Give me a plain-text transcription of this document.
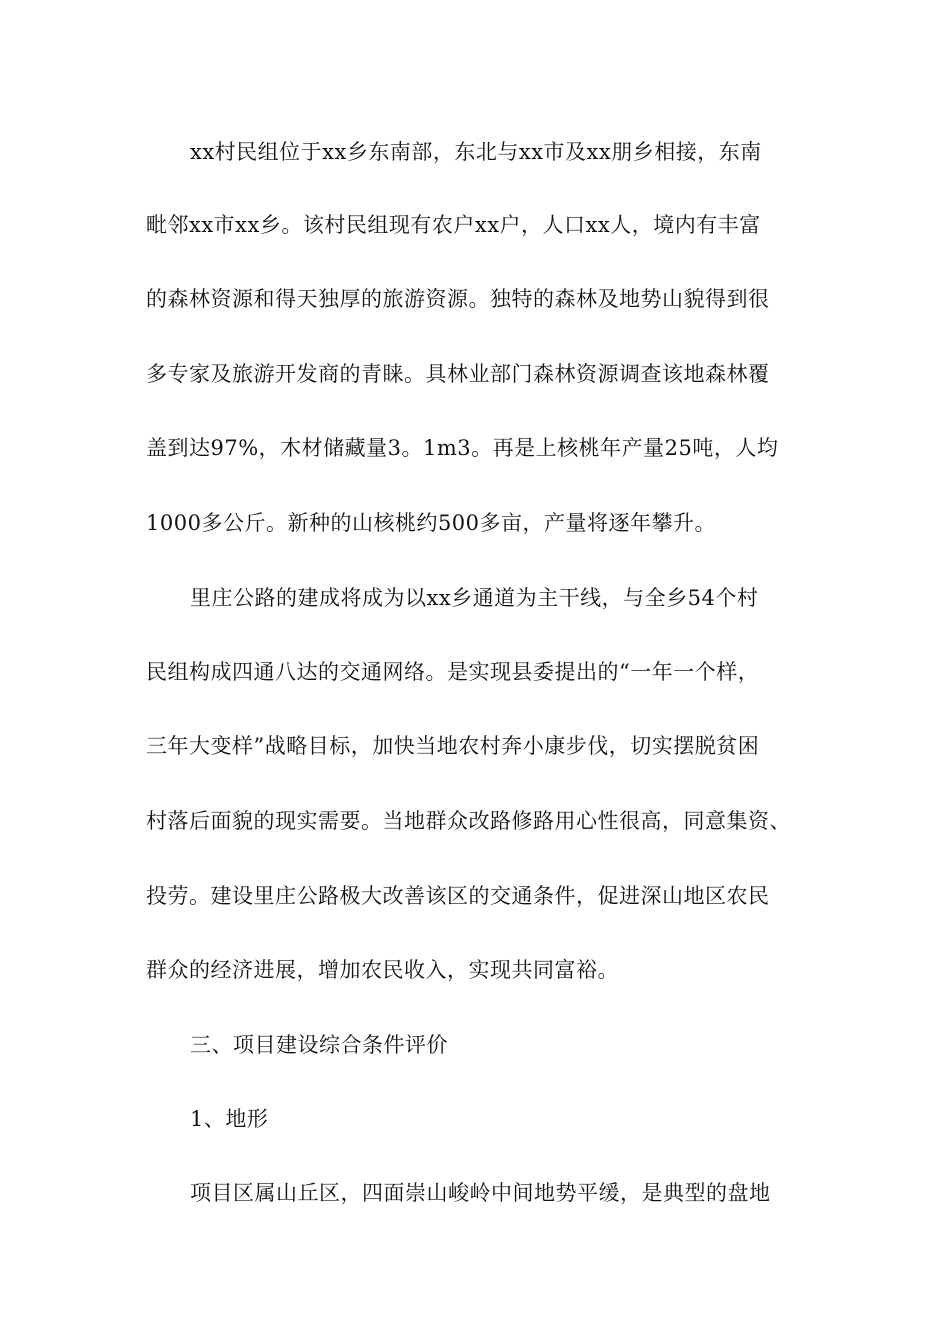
xx村民组位于xx乡东南部，东北与xx市及xx朋乡相接，东南
毗邻xx市xx乡。该村民组现有农户xx户，人口xx人，境内有丰富
的森林资源和得天独厚的旅游资源。独特的森林及地势山貌得到很
多专家及旅游开发商的青睐。具林业部门森林资源调查该地森林覆
盖到达97%，木材储藏量3。1m3。再是上核桃年产量25吨，人均
1000多公斤。新种的山核桃约500多亩，产量将逐年攀升。
里庄公路的建成将成为以xx乡通道为主干线，与全乡54个村
民组构成四通八达的交通网络。是实现县委提出的“一年一个样，
三年大变样”战略目标，加快当地农村奔小康步伐，切实摆脱贫困
村落后面貌的现实需要。当地群众改路修路用心性很高，同意集资、
投劳。建设里庄公路极大改善该区的交通条件，促进深山地区农民
群众的经济进展，增加农民收入，实现共同富裕。
三、项目建设综合条件评价
1、地形
项目区属山丘区，四面崇山峻岭中间地势平缓，是典型的盘地
